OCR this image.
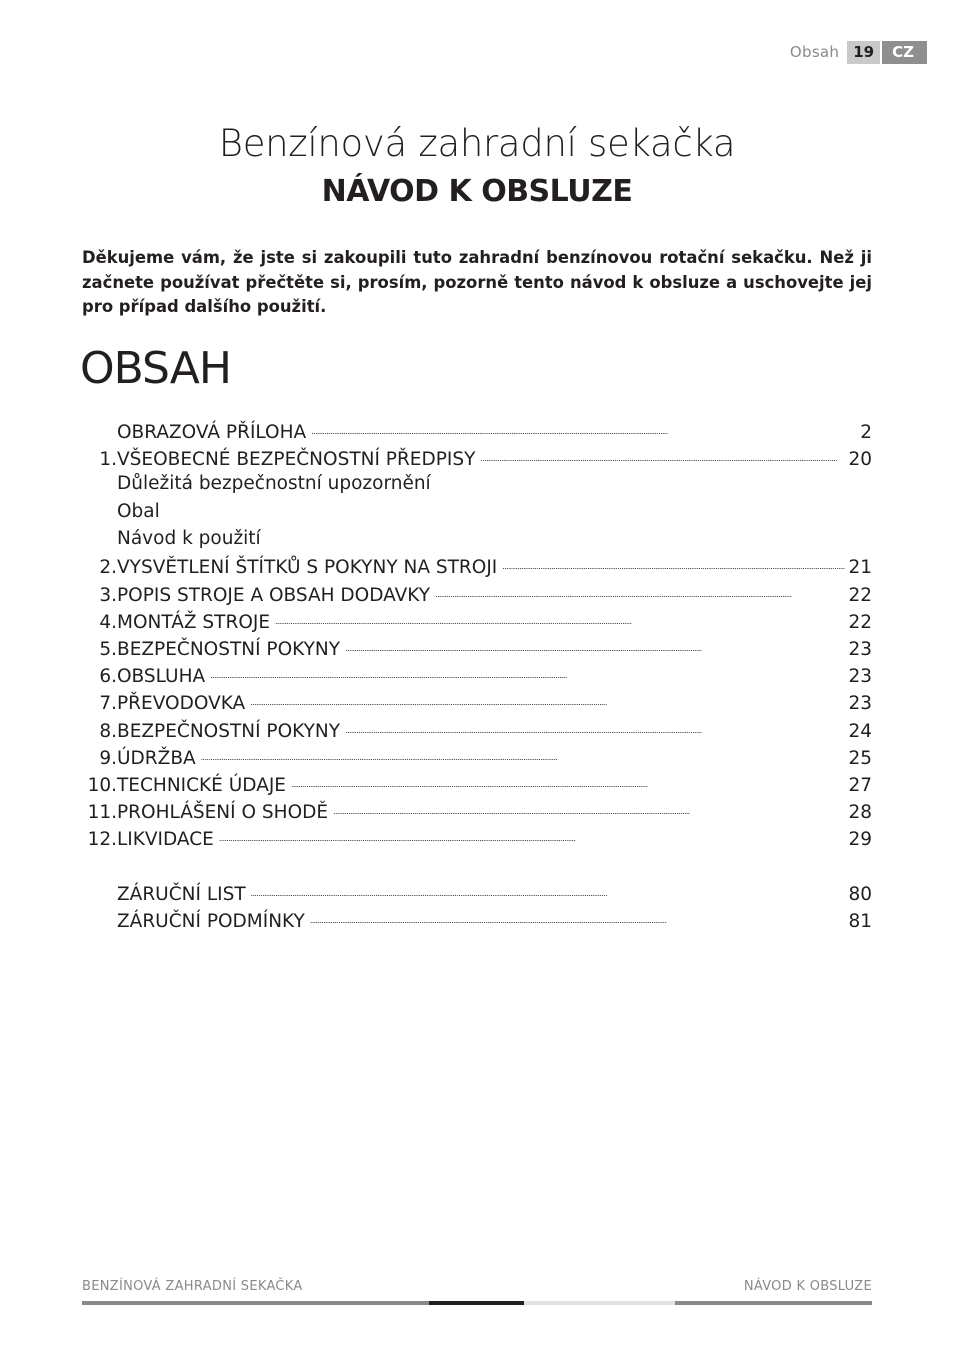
Obsah 19	CZ
Benzínová zahradní sekačka
NÁVOD K OBSLUZE
Děkujeme vám, že jste si zakoupili tuto zahradní benzínovou rotační sekačku. Než ji začnete používat přečtěte si, prosím, pozorně tento návod k obsluze a uschovejte jej pro případ dalšího použití.
OBSAH
OBRAZOVÁ PŘÍLOHA . . .	2
1. VŠEOBECNÉ BEZPEČNOSTNÍ PŘEDPISY . . .	20
Důležitá bezpečnostní upozornění
Obal
Návod k použití
2. VYSVĚTLENÍ ŠTÍTKŮ S POKYNY NA STROJI . . .	21
3. POPIS STROJE A OBSAH DODAVKY . . .	22
4. MONTÁŽ STROJE . . .	22
5. BEZPEČNOSTNÍ POKYNY . . .	23
6. OBSLUHA . . .	23
7. PŘEVODOVKA . . .	23
8. BEZPEČNOSTNÍ POKYNY . . .	24
9. ÚDRŽBA . . .	25
10. TECHNICKÉ ÚDAJE . . .	27
11. PROHLÁŠENÍ O SHODĚ . . .	28
12. LIKVIDACE . . .	29
ZÁRUČNÍ LIST . . .	80
ZÁRUČNÍ PODMÍNKY . . .	81
BENZÍNOVÁ ZAHRADNÍ SEKAČKA	NÁVOD K OBSLUZE
